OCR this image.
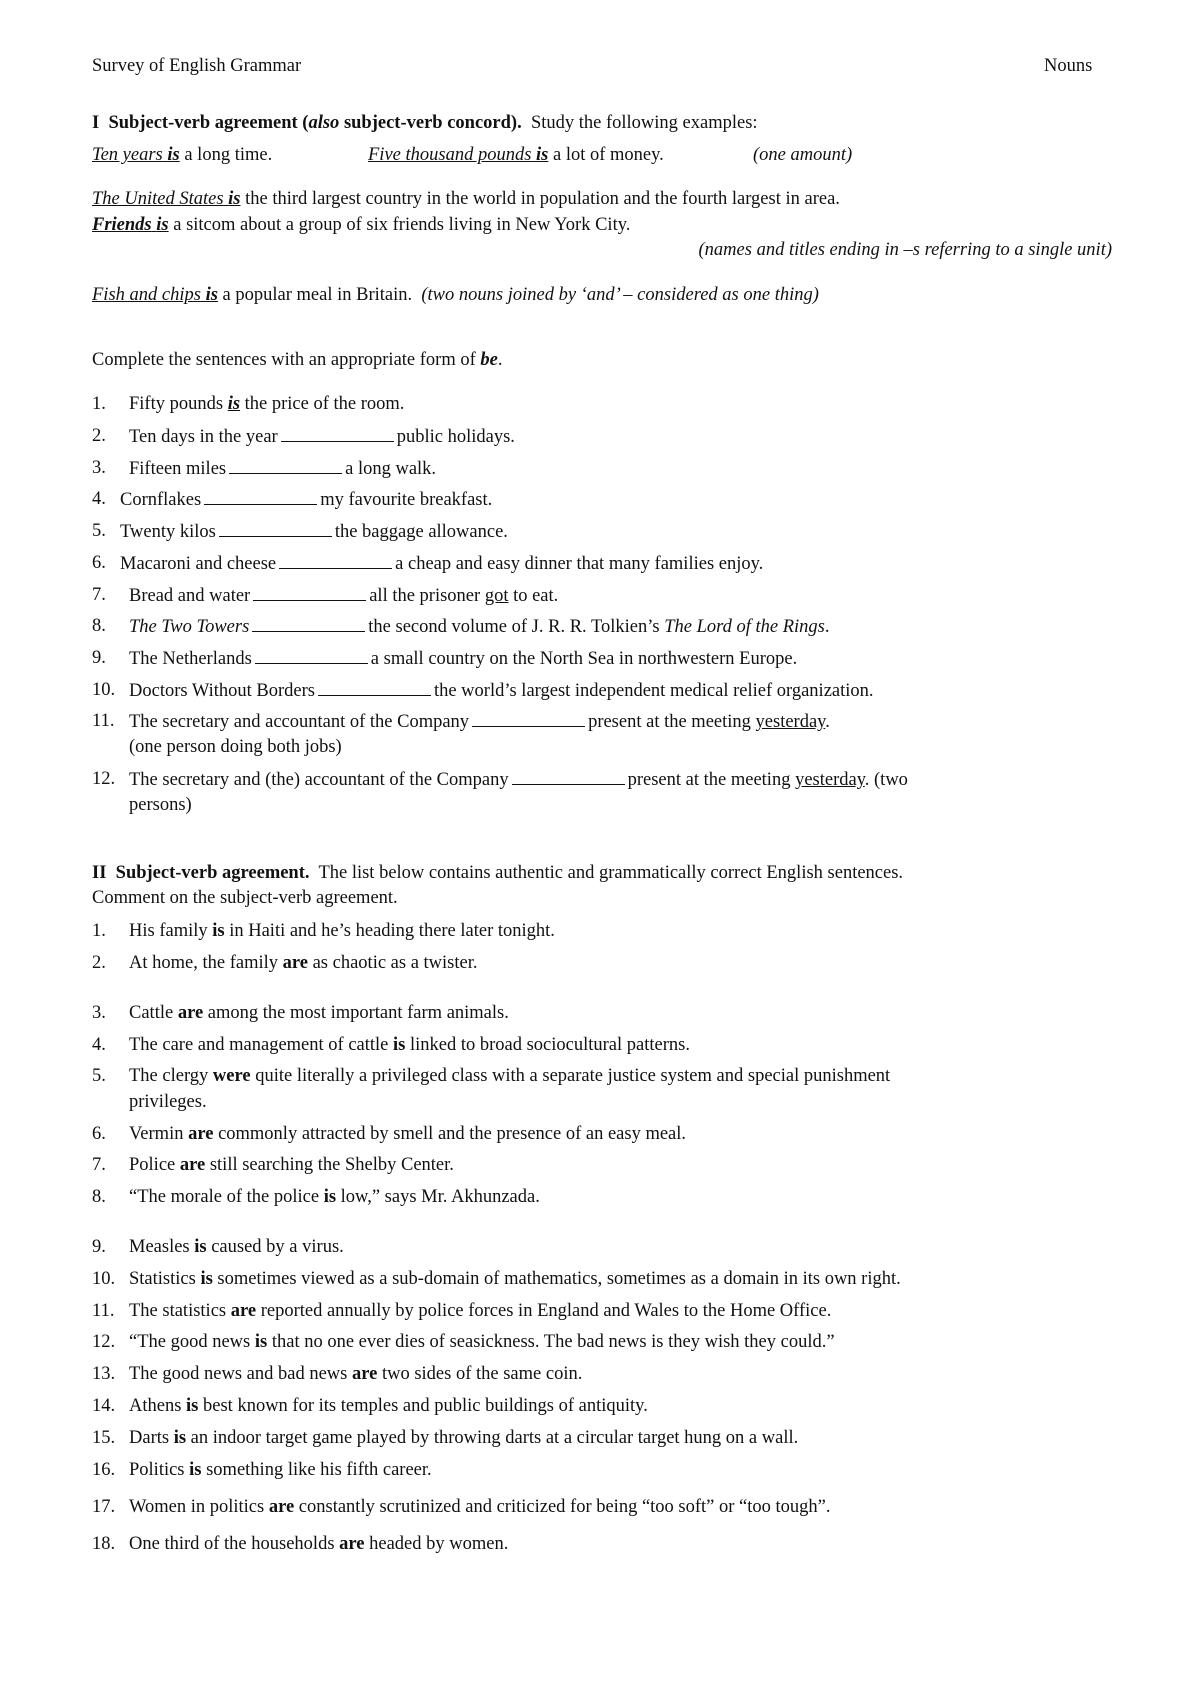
Survey of English Grammar	Nouns
I Subject-verb agreement (also subject-verb concord). Study the following examples:
Ten years is a long time.	Five thousand pounds is a lot of money.	(one amount)
The United States is the third largest country in the world in population and the fourth largest in area.
Friends is a sitcom about a group of six friends living in New York City.
(names and titles ending in –s referring to a single unit)
Fish and chips is a popular meal in Britain. (two nouns joined by ‘and’ – considered as one thing)
Complete the sentences with an appropriate form of be.
1. Fifty pounds is the price of the room.
2. Ten days in the year	public holidays.
3. Fifteen miles	a long walk.
4. Cornflakes	my favourite breakfast.
5. Twenty kilos	the baggage allowance.
6. Macaroni and cheese	a cheap and easy dinner that many families enjoy.
7. Bread and water	all the prisoner got to eat.
8. The Two Towers	the second volume of J. R. R. Tolkien’s The Lord of the Rings.
9. The Netherlands	a small country on the North Sea in northwestern Europe.
10. Doctors Without Borders	the world’s largest independent medical relief organization.
11. The secretary and accountant of the Company	present at the meeting yesterday.
(one person doing both jobs)
12. The secretary and (the) accountant of the Company	present at the meeting yesterday. (two
persons)
II Subject-verb agreement. The list below contains authentic and grammatically correct English sentences.
Comment on the subject-verb agreement.
1. His family is in Haiti and he’s heading there later tonight.
2. At home, the family are as chaotic as a twister.
3. Cattle are among the most important farm animals.
4. The care and management of cattle is linked to broad sociocultural patterns.
5. The clergy were quite literally a privileged class with a separate justice system and special punishment
privileges.
6. Vermin are commonly attracted by smell and the presence of an easy meal.
7. Police are still searching the Shelby Center.
8. “The morale of the police is low,” says Mr. Akhunzada.
9. Measles is caused by a virus.
10. Statistics is sometimes viewed as a sub-domain of mathematics, sometimes as a domain in its own right.
11. The statistics are reported annually by police forces in England and Wales to the Home Office.
12. “The good news is that no one ever dies of seasickness. The bad news is they wish they could.”
13. The good news and bad news are two sides of the same coin.
14. Athens is best known for its temples and public buildings of antiquity.
15. Darts is an indoor target game played by throwing darts at a circular target hung on a wall.
16. Politics is something like his fifth career.
17. Women in politics are constantly scrutinized and criticized for being “too soft” or “too tough”.
18. One third of the households are headed by women.
